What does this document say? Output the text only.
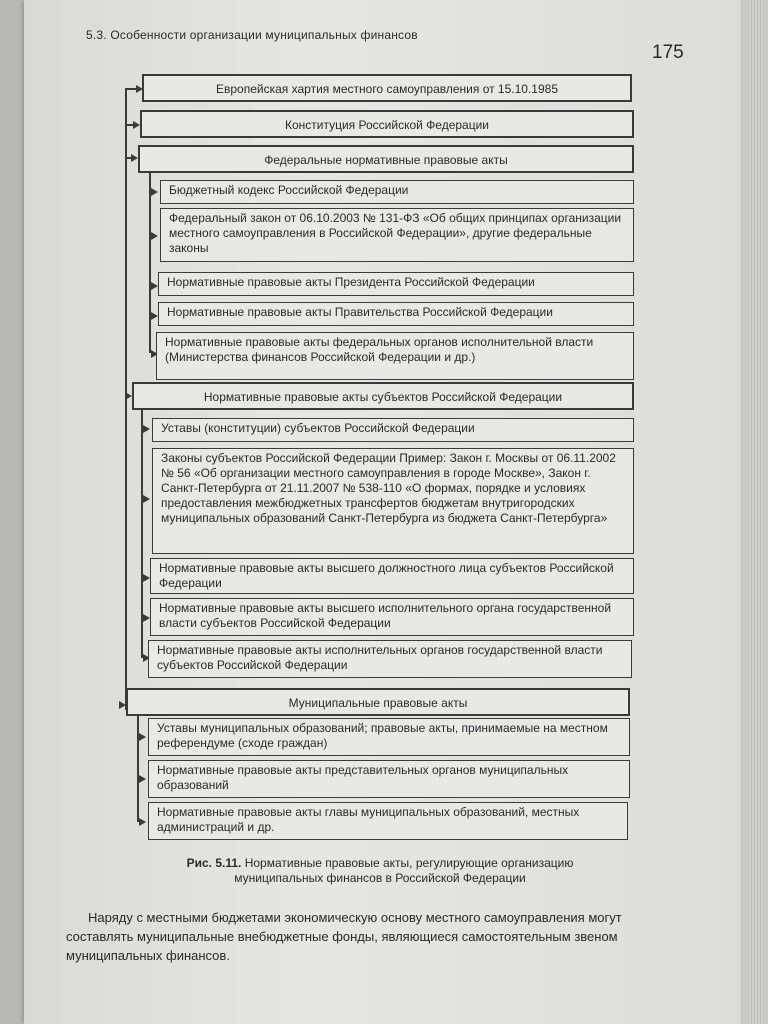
5.3. Особенности организации муниципальных финансов
175
Европейская хартия местного самоуправления от 15.10.1985
Конституция Российской Федерации
Федеральные нормативные правовые акты
Бюджетный кодекс Российской Федерации
Федеральный закон от 06.10.2003 № 131-ФЗ «Об общих принципах организации местного самоуправления в Российской Федерации», другие федеральные законы
Нормативные правовые акты Президента Российской Федерации
Нормативные правовые акты Правительства Российской Федерации
Нормативные правовые акты федеральных органов исполнительной власти (Министерства финансов Российской Федерации и др.)
Нормативные правовые акты субъектов Российской Федерации
Уставы (конституции) субъектов Российской Федерации
Законы субъектов Российской Федерации Пример: Закон г. Москвы от 06.11.2002 № 56 «Об организации местного самоуправления в городе Москве», Закон г. Санкт-Петербурга от 21.11.2007 № 538-110 «О формах, порядке и условиях предоставления межбюджетных трансфертов бюджетам внутригородских муниципальных образований Санкт-Петербурга из бюджета Санкт-Петербурга»
Нормативные правовые акты высшего должностного лица субъектов Российской Федерации
Нормативные правовые акты высшего исполнительного органа государственной власти субъектов Российской Федерации
Нормативные правовые акты исполнительных органов государственной власти субъектов Российской Федерации
Муниципальные правовые акты
Уставы муниципальных образований; правовые акты, принимаемые на местном референдуме (сходе граждан)
Нормативные правовые акты представительных органов муниципальных образований
Нормативные правовые акты главы муниципальных образований, местных администраций и др.
Рис. 5.11. Нормативные правовые акты, регулирующие организацию муниципальных финансов в Российской Федерации
Наряду с местными бюджетами экономическую основу местного самоуправления могут составлять муниципальные внебюджетные фонды, являющиеся самостоятельным звеном муниципальных финансов.
